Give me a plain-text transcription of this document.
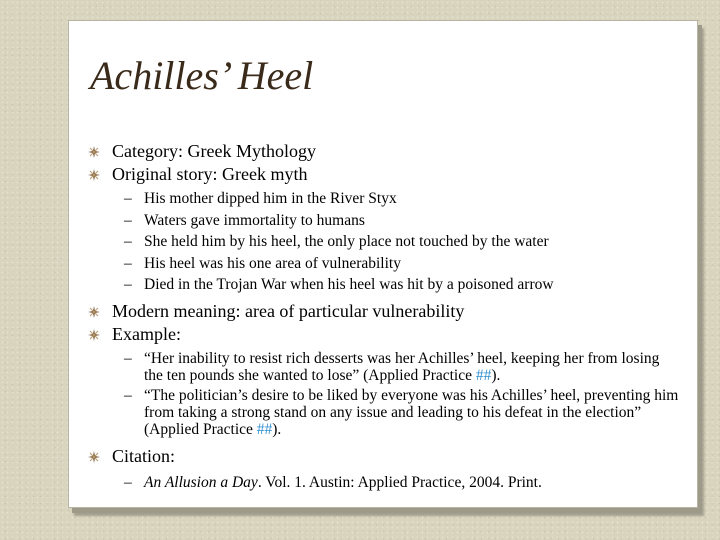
Achilles’ Heel
Category: Greek Mythology
Original story: Greek myth
– His mother dipped him in the River Styx
– Waters gave immortality to humans
– She held him by his heel, the only place not touched by the water
– His heel was his one area of vulnerability
– Died in the Trojan War when his heel was hit by a poisoned arrow
Modern meaning: area of particular vulnerability
Example:
– “Her inability to resist rich desserts was her Achilles’ heel, keeping her from losing the ten pounds she wanted to lose” (Applied Practice ##).
– “The politician’s desire to be liked by everyone was his Achilles’ heel, preventing him from taking a strong stand on any issue and leading to his defeat in the election” (Applied Practice ##).
Citation:
– An Allusion a Day. Vol. 1. Austin: Applied Practice, 2004. Print.
